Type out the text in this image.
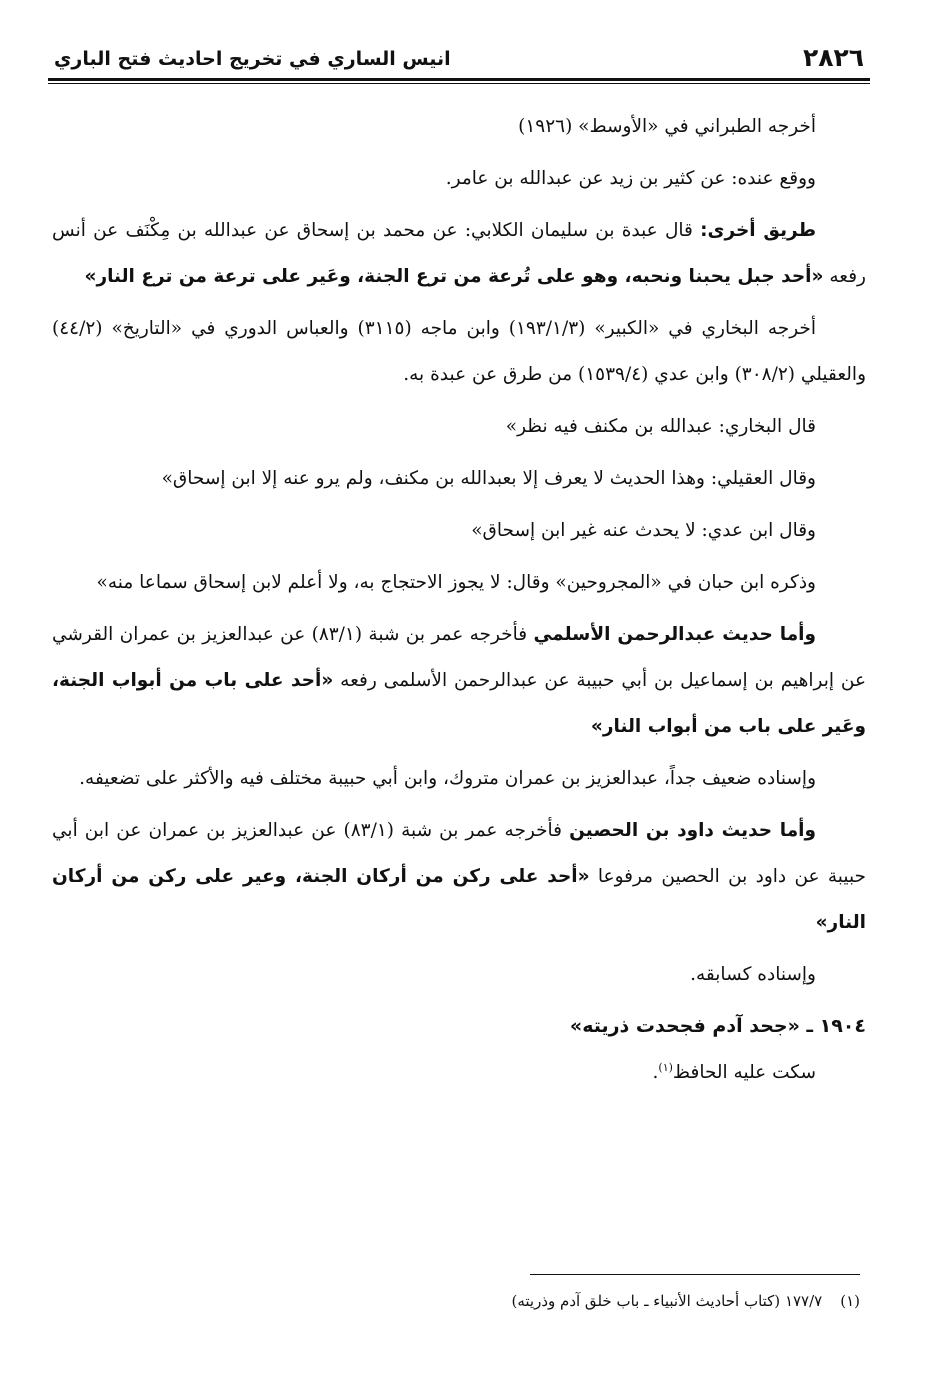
٢٨٢٦
انيس الساري في تخريج احاديث فتح الباري

أخرجه الطبراني في «الأوسط» (١٩٢٦)

ووقع عنده: عن كثير بن زيد عن عبدالله بن عامر.

طريق أخرى: قال عبدة بن سليمان الكلابي: عن محمد بن إسحاق عن عبدالله بن مِكْنَف عن أنس رفعه «أحد جبل يحبنا ونحبه، وهو على تُرعة من ترع الجنة، وعَير على ترعة من ترع النار»

أخرجه البخاري في «الكبير» (١٩٣/١/٣) وابن ماجه (٣١١٥) والعباس الدوري في «التاريخ» (٤٤/٢) والعقيلي (٣٠٨/٢) وابن عدي (١٥٣٩/٤) من طرق عن عبدة به.

قال البخاري: عبدالله بن مكنف فيه نظر»

وقال العقيلي: وهذا الحديث لا يعرف إلا بعبدالله بن مكنف، ولم يرو عنه إلا ابن إسحاق»

وقال ابن عدي: لا يحدث عنه غير ابن إسحاق»

وذكره ابن حبان في «المجروحين» وقال: لا يجوز الاحتجاج به، ولا أعلم لابن إسحاق سماعا منه»

وأما حديث عبدالرحمن الأسلمي فأخرجه عمر بن شبة (٨٣/١) عن عبدالعزيز بن عمران القرشي عن إبراهيم بن إسماعيل بن أبي حبيبة عن عبدالرحمن الأسلمى رفعه «أحد على باب من أبواب الجنة، وعَير على باب من أبواب النار»

وإسناده ضعيف جداً، عبدالعزيز بن عمران متروك، وابن أبي حبيبة مختلف فيه والأكثر على تضعيفه.

وأما حديث داود بن الحصين فأخرجه عمر بن شبة (٨٣/١) عن عبدالعزيز بن عمران عن ابن أبي حبيبة عن داود بن الحصين مرفوعا «أحد على ركن من أركان الجنة، وعير على ركن من أركان النار»

وإسناده كسابقه.

١٩٠٤ ـ «جحد آدم فجحدت ذريته»

سكت عليه الحافظ$^{(١)}$.

(١)١٧٧/٧ (كتاب أحاديث الأنبياء ـ باب خلق آدم وذريته)
